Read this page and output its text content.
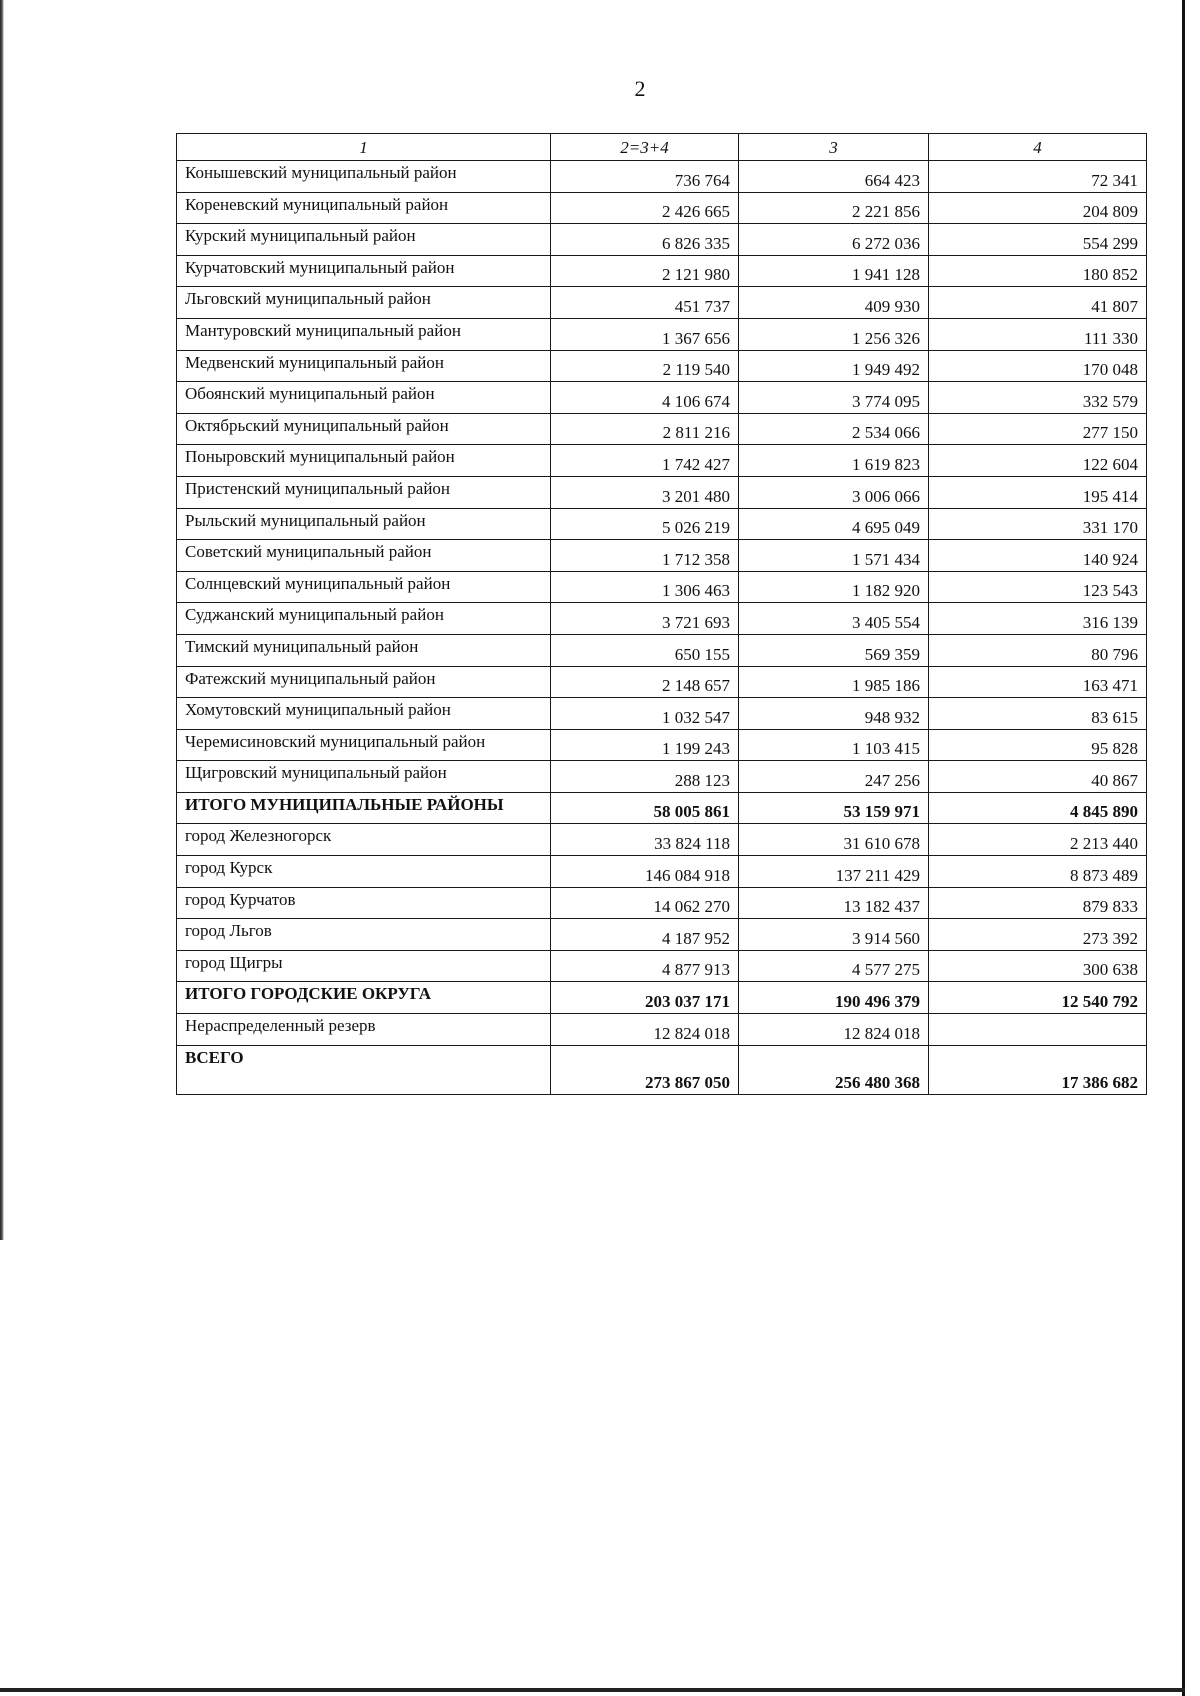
2
1	2=3+4	3	4
Конышевский муниципальный район	736 764	664 423	72 341
Кореневский муниципальный район	2 426 665	2 221 856	204 809
Курский муниципальный район	6 826 335	6 272 036	554 299
Курчатовский муниципальный район	2 121 980	1 941 128	180 852
Льговский муниципальный район	451 737	409 930	41 807
Мантуровский муниципальный район	1 367 656	1 256 326	111 330
Медвенский муниципальный район	2 119 540	1 949 492	170 048
Обоянский муниципальный район	4 106 674	3 774 095	332 579
Октябрьский муниципальный район	2 811 216	2 534 066	277 150
Поныровский муниципальный район	1 742 427	1 619 823	122 604
Пристенский муниципальный район	3 201 480	3 006 066	195 414
Рыльский муниципальный район	5 026 219	4 695 049	331 170
Советский муниципальный район	1 712 358	1 571 434	140 924
Солнцевский муниципальный район	1 306 463	1 182 920	123 543
Суджанский муниципальный район	3 721 693	3 405 554	316 139
Тимский муниципальный район	650 155	569 359	80 796
Фатежский муниципальный район	2 148 657	1 985 186	163 471
Хомутовский муниципальный район	1 032 547	948 932	83 615
Черемисиновский муниципальный район	1 199 243	1 103 415	95 828
Щигровский муниципальный район	288 123	247 256	40 867
ИТОГО МУНИЦИПАЛЬНЫЕ РАЙОНЫ	58 005 861	53 159 971	4 845 890
город Железногорск	33 824 118	31 610 678	2 213 440
город Курск	146 084 918	137 211 429	8 873 489
город Курчатов	14 062 270	13 182 437	879 833
город Льгов	4 187 952	3 914 560	273 392
город Щигры	4 877 913	4 577 275	300 638
ИТОГО ГОРОДСКИЕ ОКРУГА	203 037 171	190 496 379	12 540 792
Нераспределенный резерв	12 824 018	12 824 018	
ВСЕГО	273 867 050	256 480 368	17 386 682
